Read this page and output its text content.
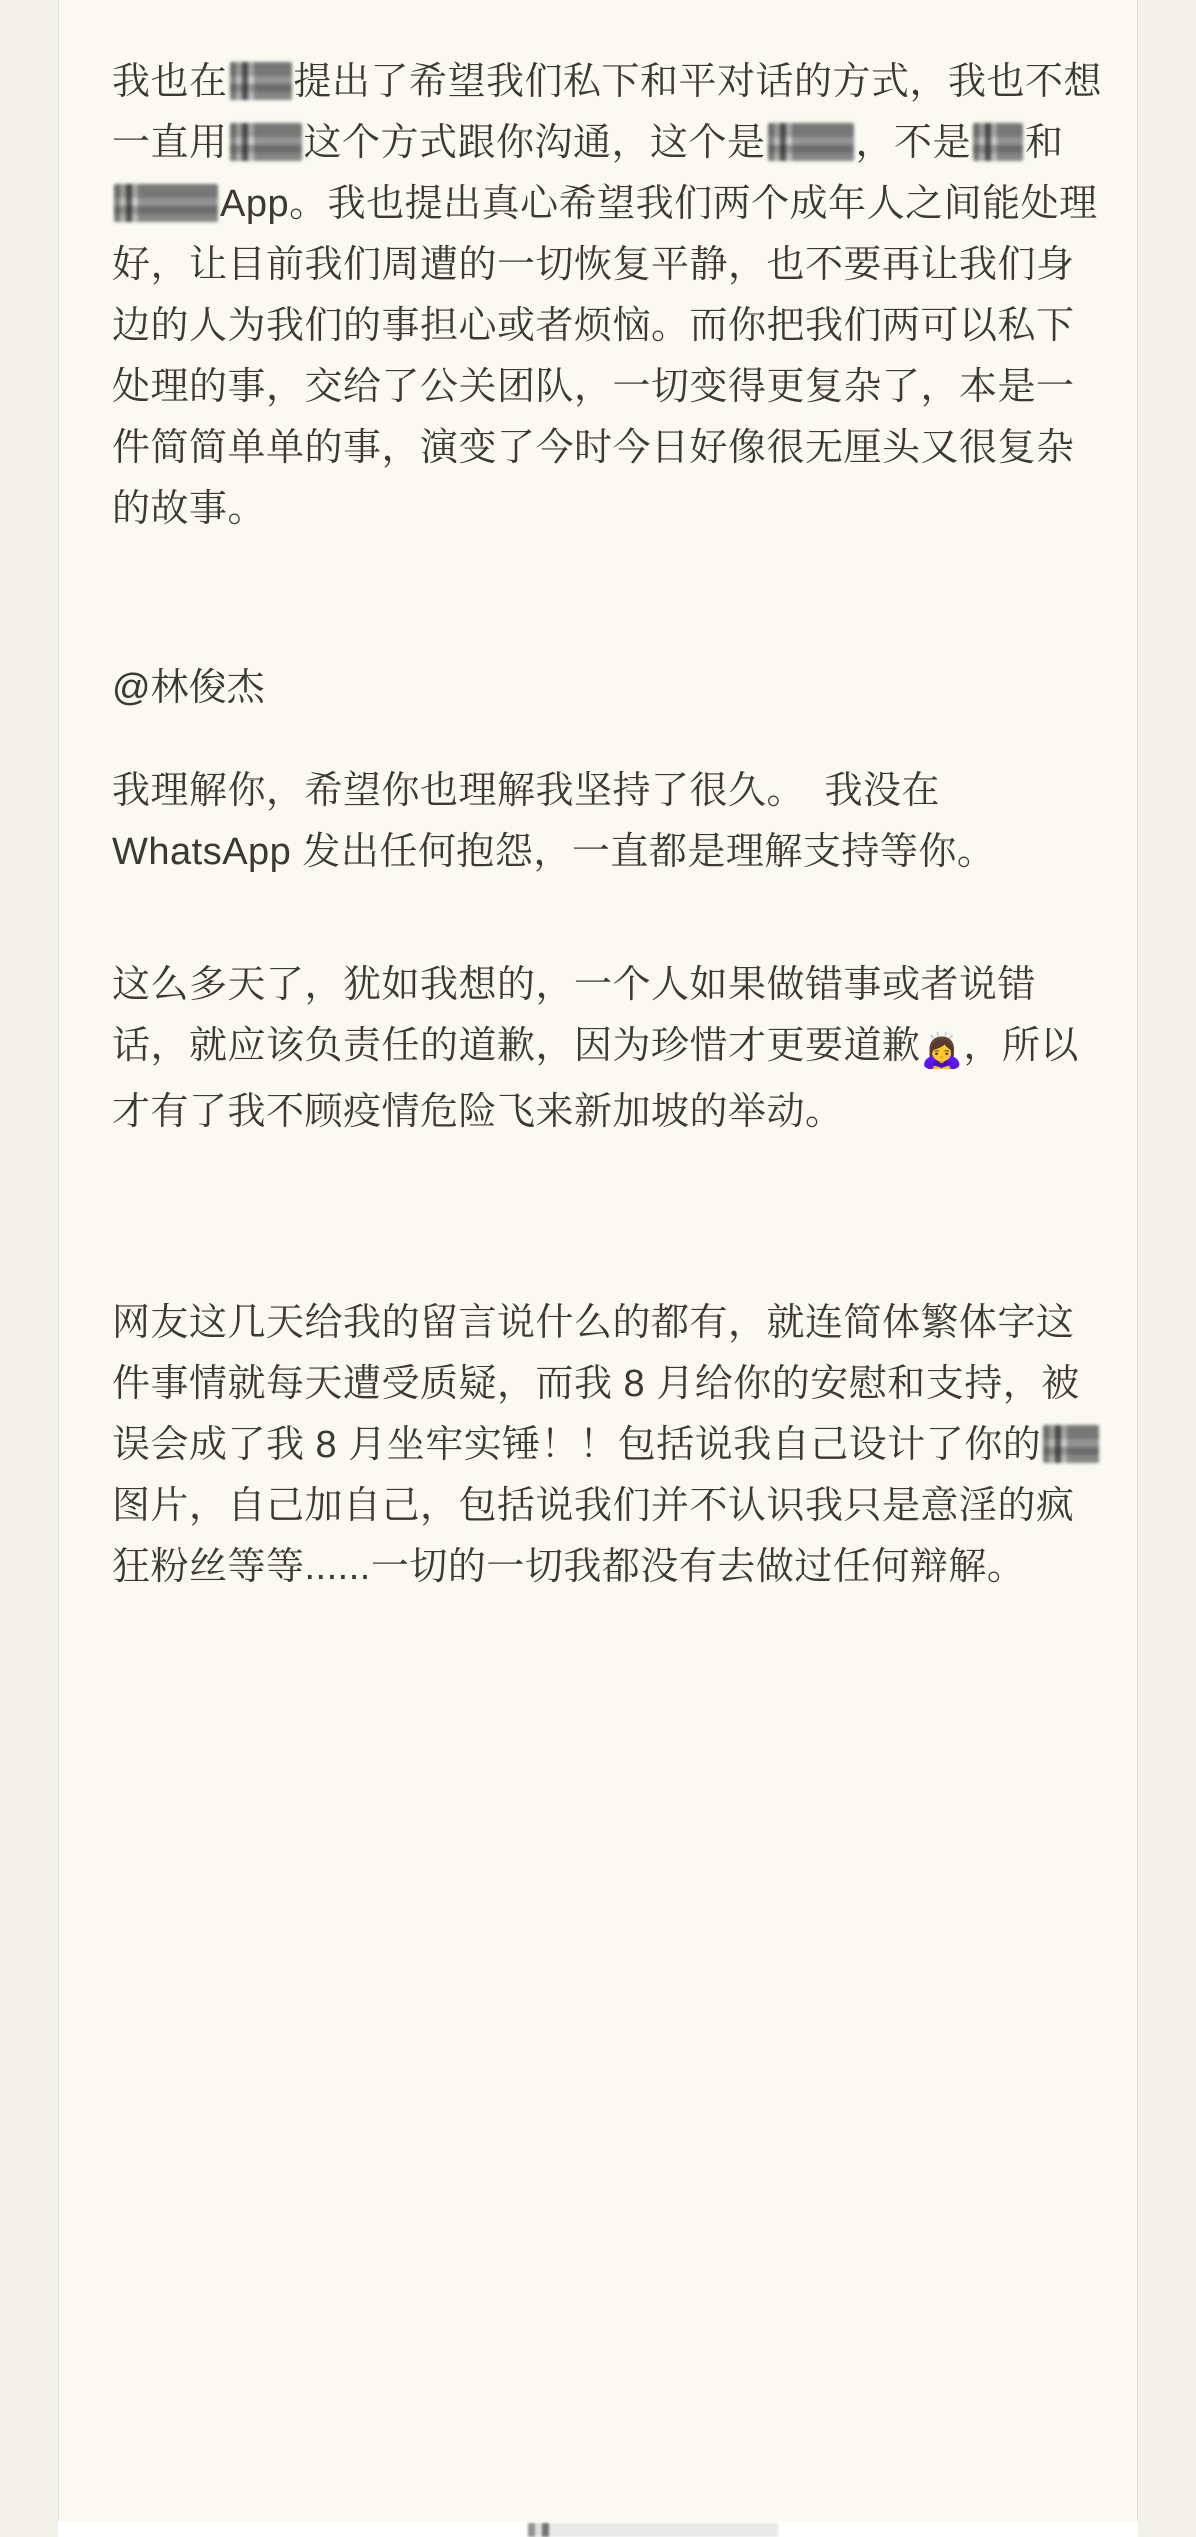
我也在 提出了希望我们私下和平对话的方式，我也不想一直用 这个方式跟你沟通，这个是 ，不是 和App。我也提出真心希望我们两个成年人之间能处理好，让目前我们周遭的一切恢复平静，也不要再让我们身边的人为我们的事担心或者烦恼。而你把我们两可以私下处理的事，交给了公关团队，一切变得更复杂了，本是一件简简单单的事，演变了今时今日好像很无厘头又很复杂的故事。

@林俊杰

我理解你，希望你也理解我坚持了很久。　我没在 WhatsApp 发出任何抱怨，一直都是理解支持等你。

这么多天了，犹如我想的，一个人如果做错事或者说错话，就应该负责任的道歉，因为珍惜才更要道歉🙇‍♀️，所以才有了我不顾疫情危险飞来新加坡的举动。

网友这几天给我的留言说什么的都有，就连简体繁体字这件事情就每天遭受质疑，而我 8 月给你的安慰和支持，被误会成了我 8 月坐牢实锤！！包括说我自己设计了你的图片，自己加自己，包括说我们并不认识我只是意淫的疯狂粉丝等等......一切的一切我都没有去做过任何辩解。
